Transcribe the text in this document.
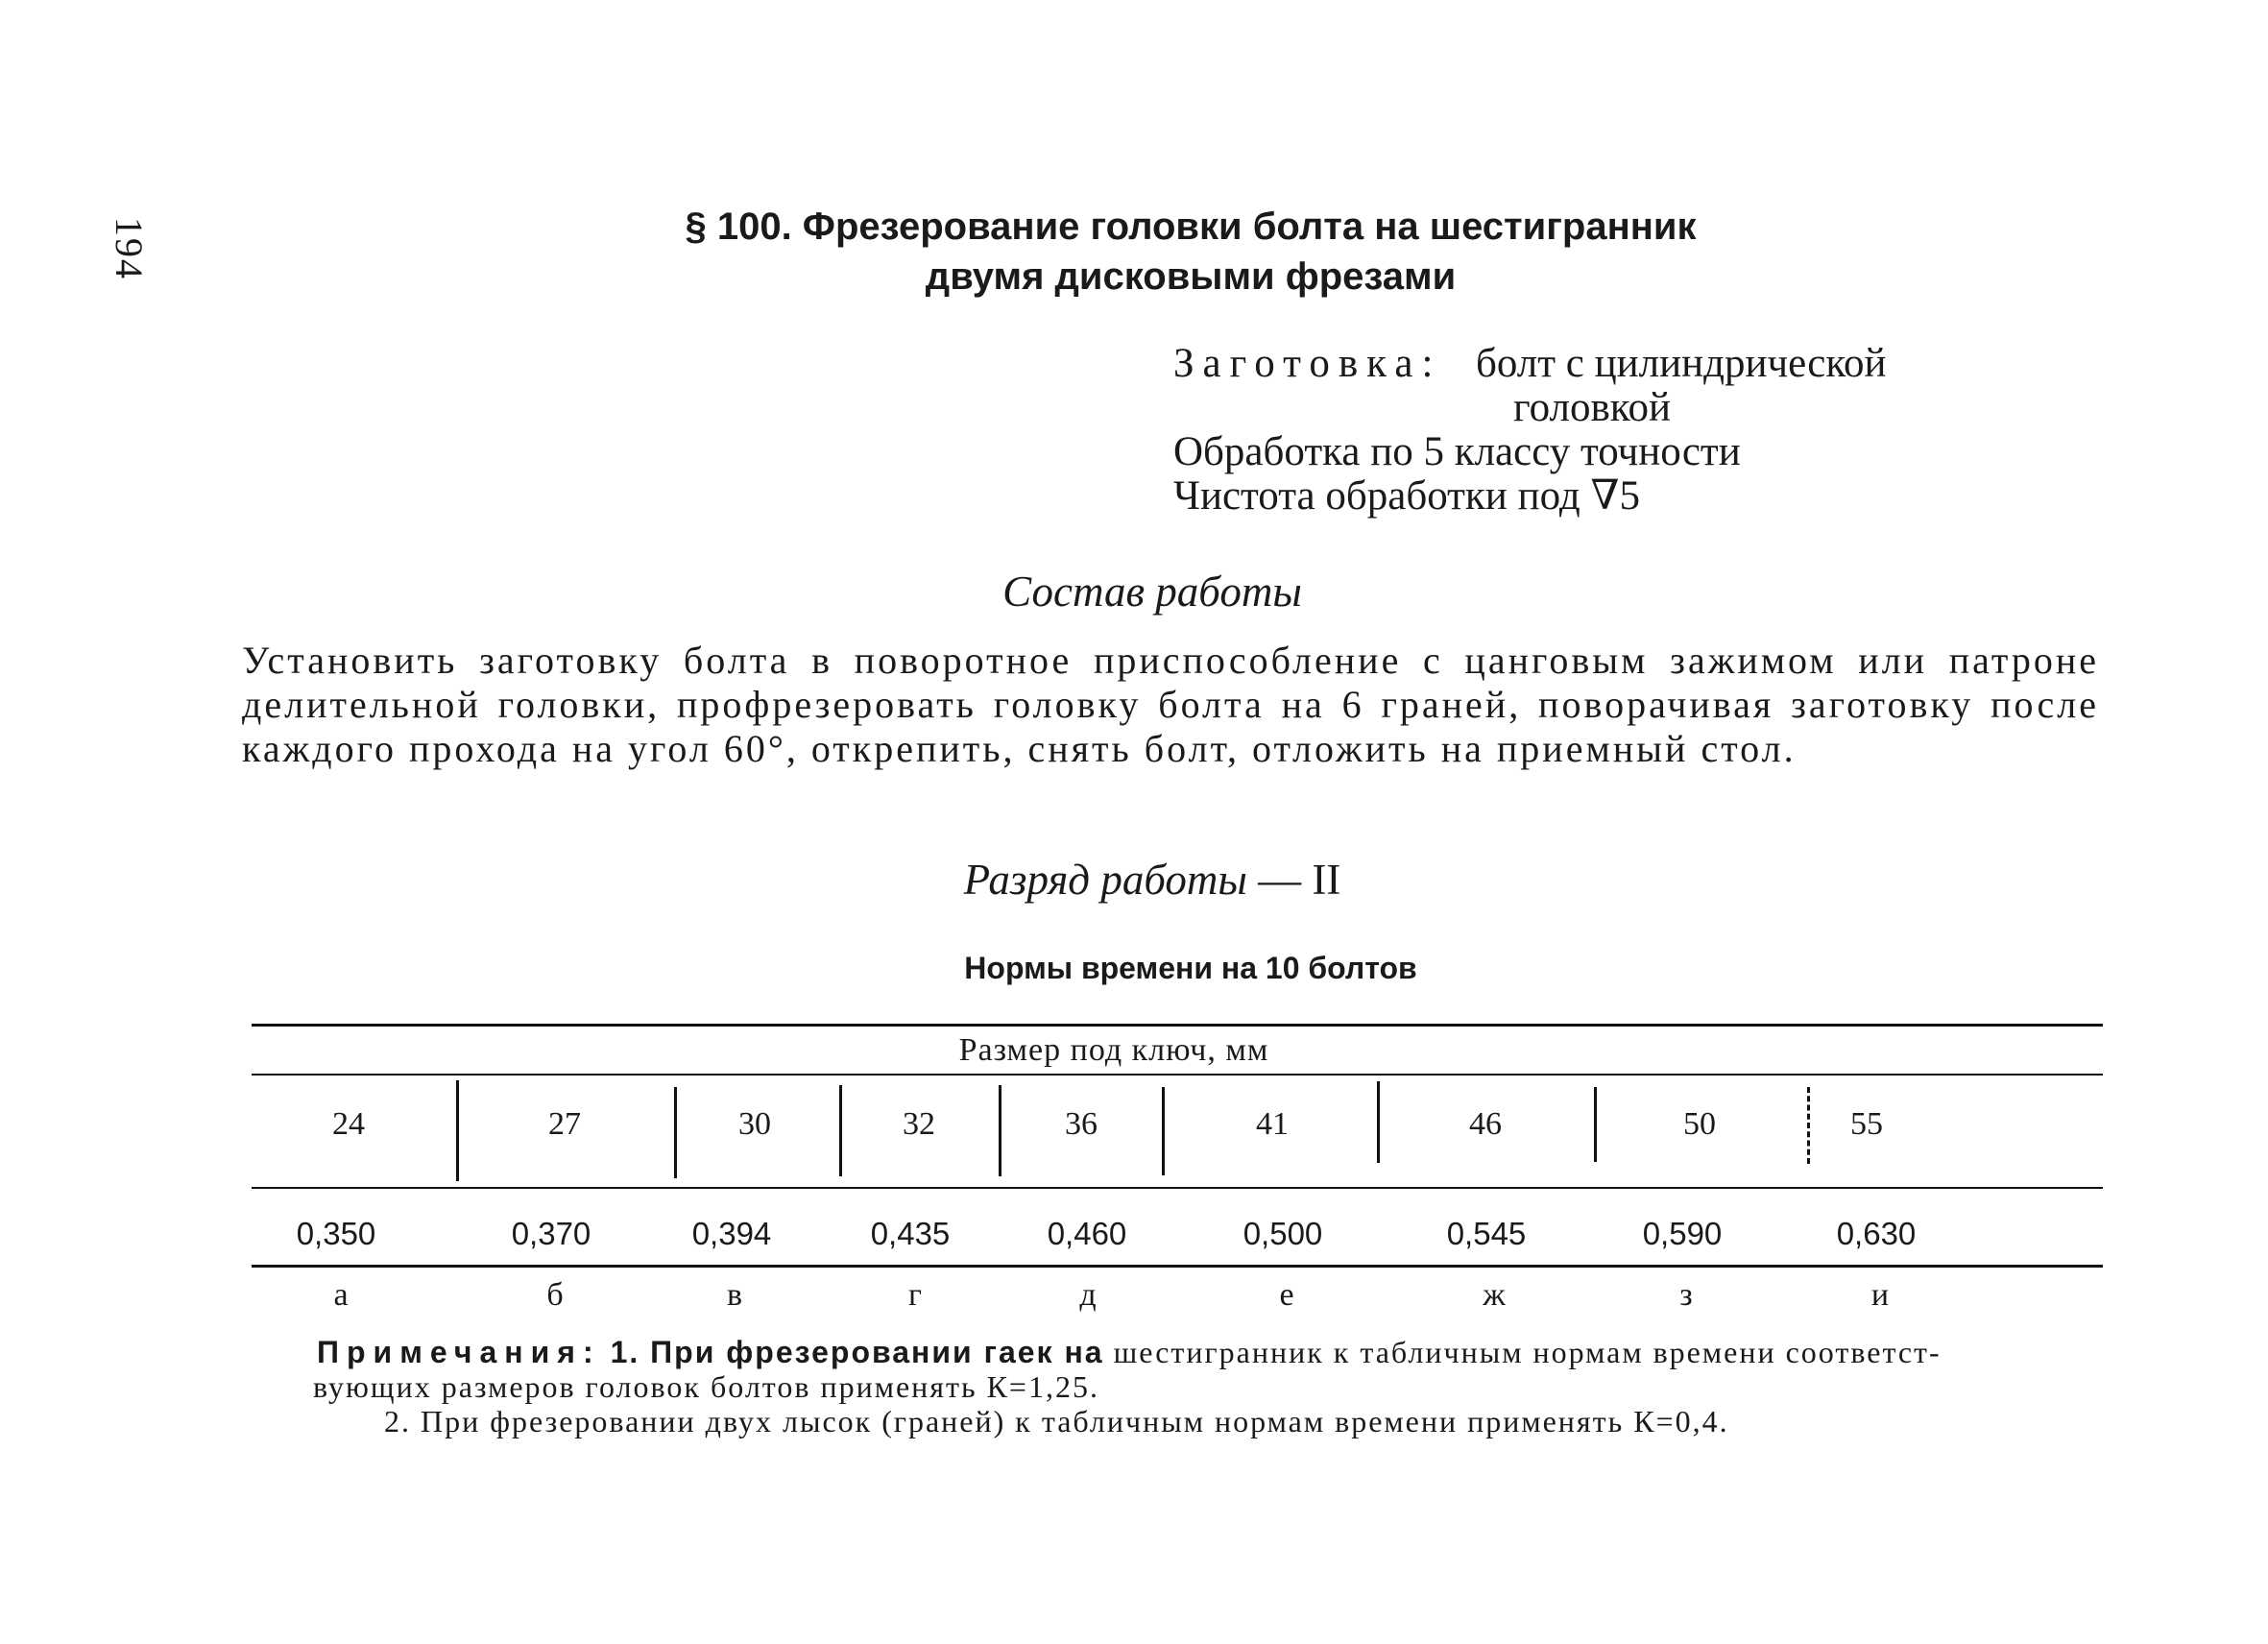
194	§ 100. Фрезерование головки болта на шестигранник
двумя дисковыми фрезами
Заготовка: болт с цилиндрической
головкой
Обработка по 5 классу точности
Чистота обработки под ∇5
Состав работы
Установить заготовку болта в поворотное приспособление с цанговым зажимом или патроне делительной головки, профрезеровать головку болта на 6 граней, поворачивая заготовку после каждого прохода на угол 60°, открепить, снять болт, отложить на приемный стол.
Разряд работы — II
Нормы времени на 10 болтов
Размер под ключ, мм
24	27	30	32	36	41	46	50	55
0,350	0,370	0,394	0,435	0,460	0,500	0,545	0,590	0,630
а	б	в	г	д	е	ж	з	и
Примечания: 1. При фрезеровании гаек на шестигранник к табличным нормам времени соответст-
вующих размеров головок болтов применять К=1,25.
2. При фрезеровании двух лысок (граней) к табличным нормам времени применять К=0,4.
